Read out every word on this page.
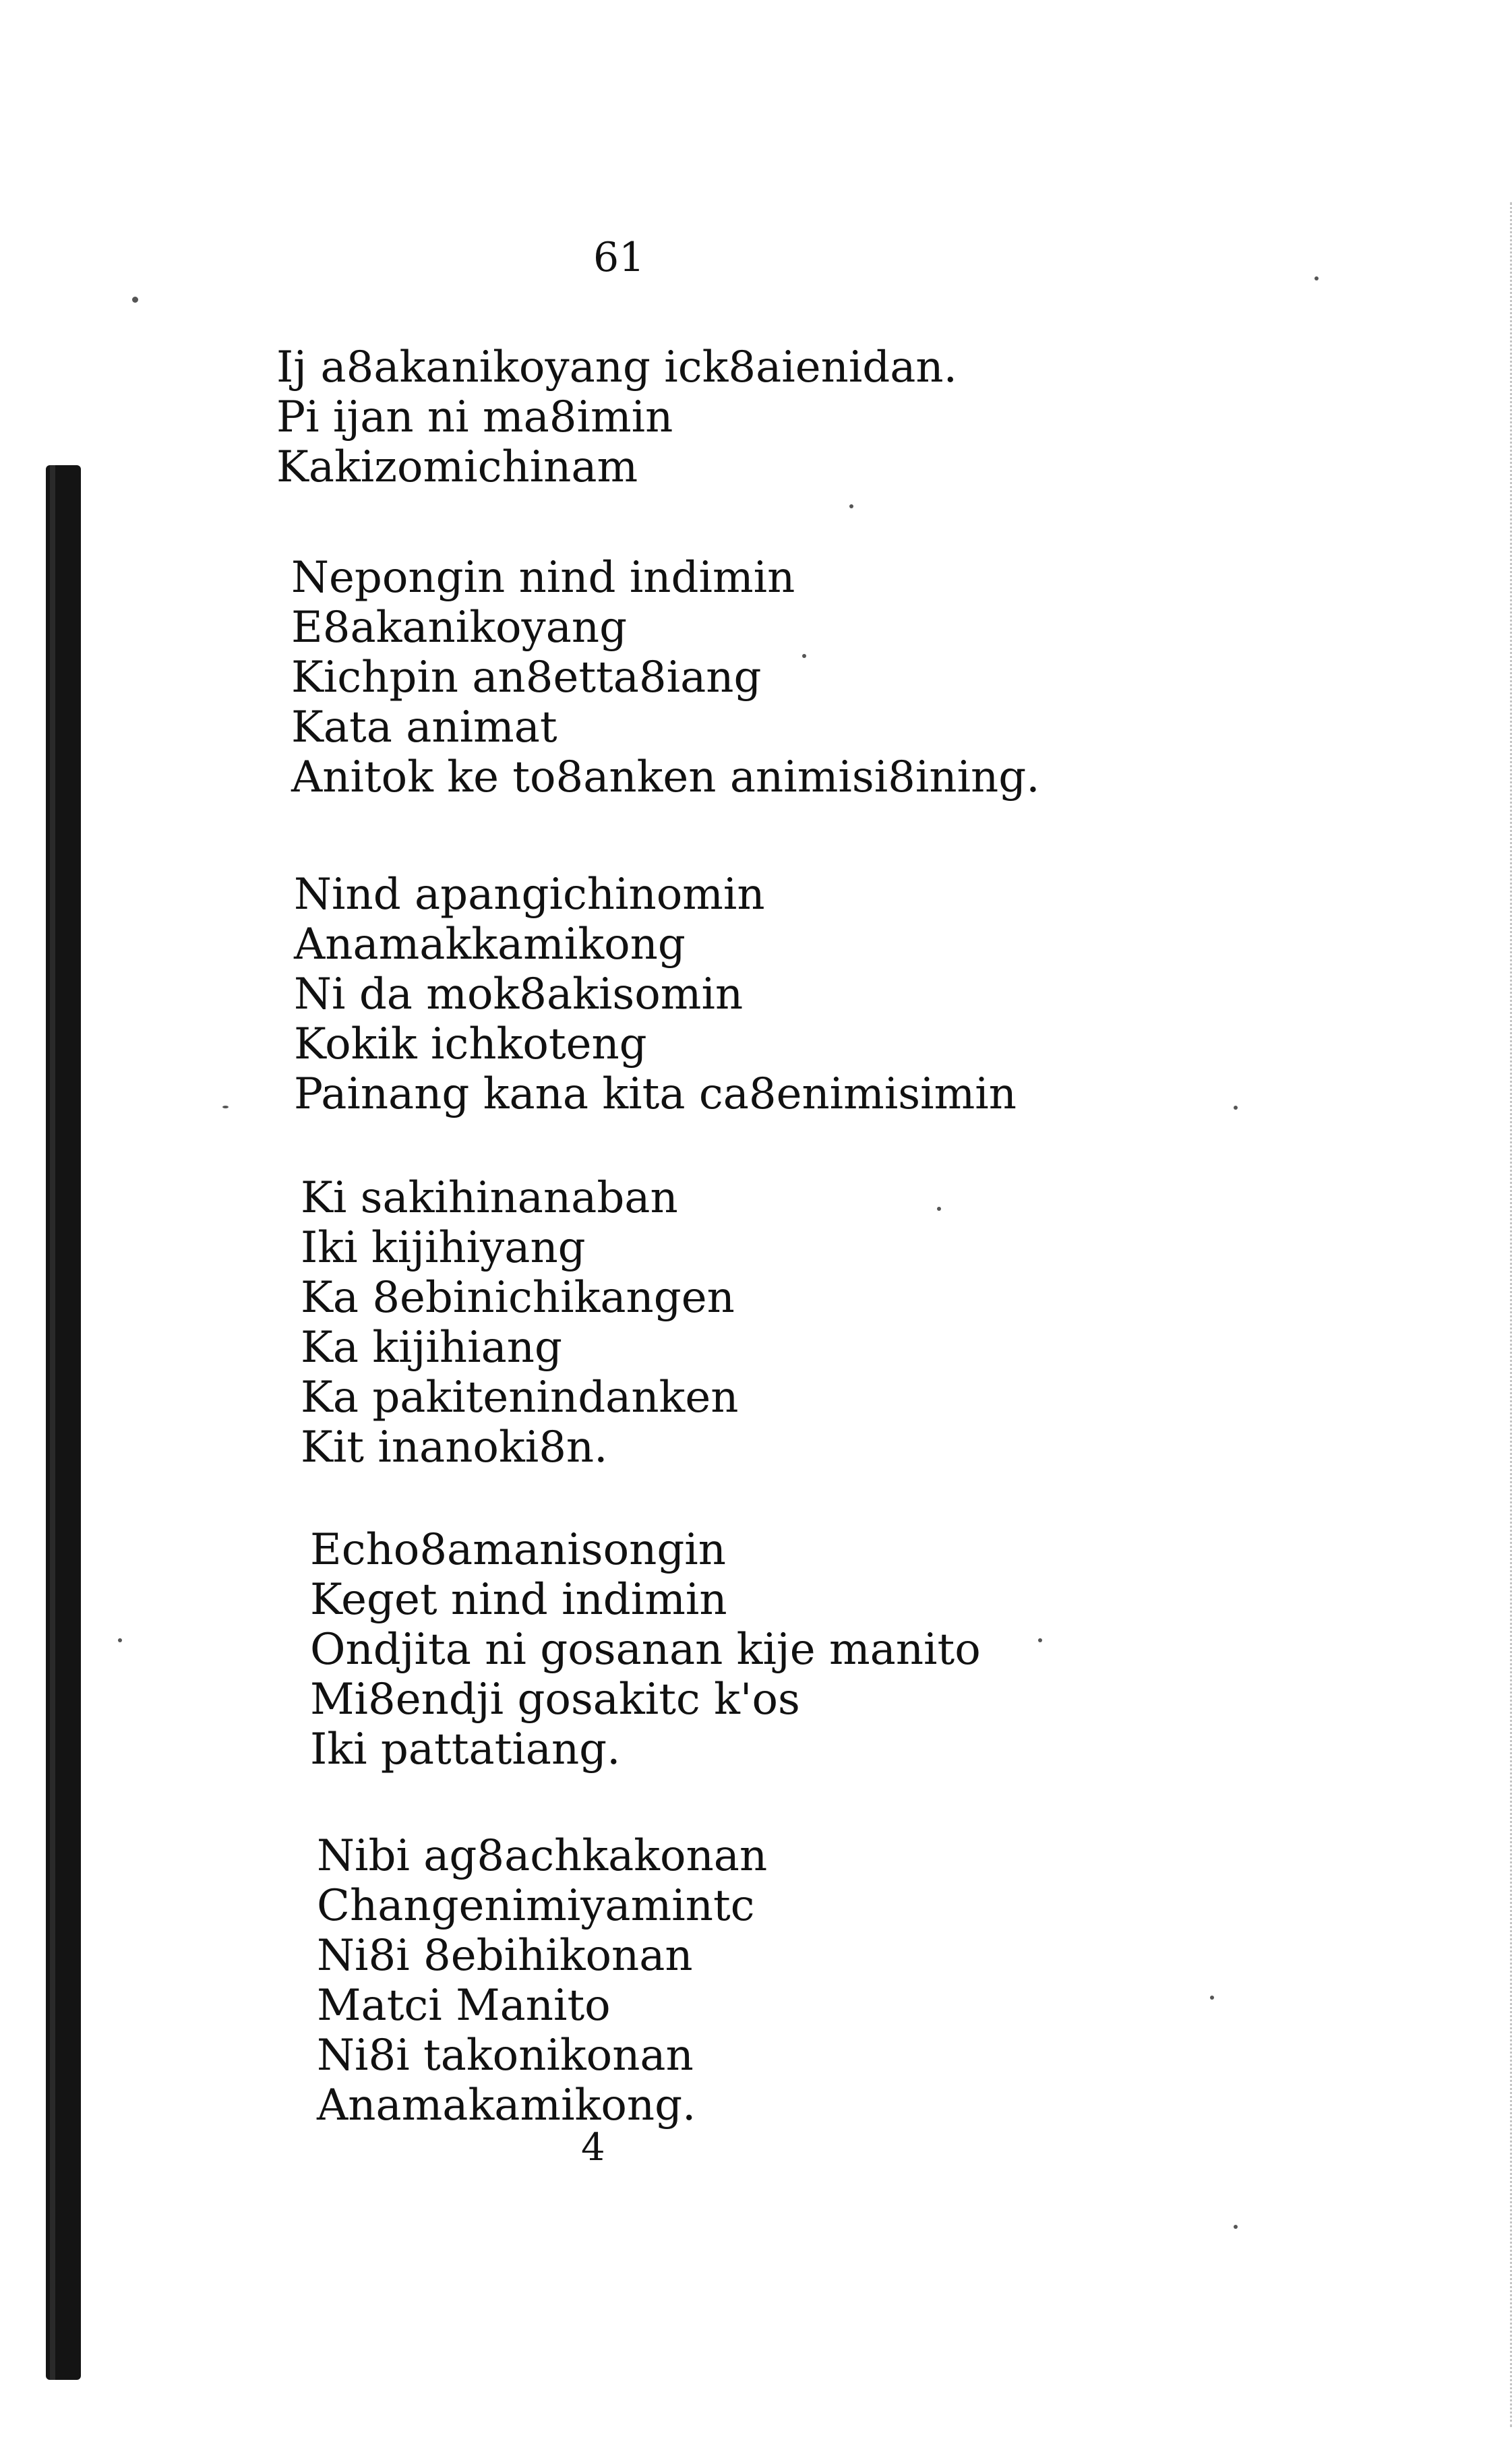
61
Ij a8akanikoyang ick8aienidan.
Pi ijan ni ma8imin
Kakizomichinam
Nepongin nind indimin
E8akanikoyang
Kichpin an8etta8iang
Kata animat
Anitok ke to8anken animisi8ining.
Nind apangichinomin
Anamakkamikong
Ni da mok8akisomin
Kokik ichkoteng
Painang kana kita ca8enimisimin
Ki sakihinanaban
Iki kijihiyang
Ka 8ebinichikangen
Ka kijihiang
Ka pakitenindanken
Kit inanoki8n.
Echo8amanisongin
Keget nind indimin
Ondjita ni gosanan kije manito
Mi8endji gosakitc k'os
Iki pattatiang.
Nibi ag8achkakonan
Changenimiyamintc
Ni8i 8ebihikonan
Matci Manito
Ni8i takonikonan
Anamakamikong.
4
